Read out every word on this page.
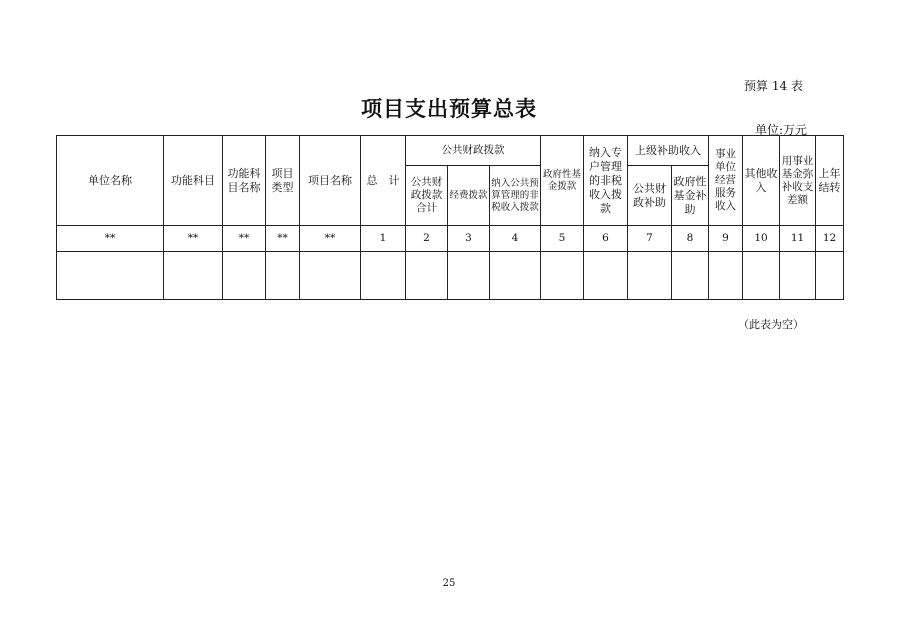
预算 14 表
项目支出预算总表
单位:万元
单位名称	功能科目	功能科目名称	项目类型	项目名称	总　计	公共财政拨款			政府性基金拨款	纳入专户管理的非税收入拨款	上级补助收入		事业单位经营服务收入	其他收入	用事业基金弥补收支差额	上年结转
						公共财政拨款合计	经费拨款	纳入公共预算管理的非税收入拨款			公共财政补助	政府性基金补助				
**	**	**	**	**	1	2	3	4	5	6	7	8	9	10	11	12

（此表为空）
25
